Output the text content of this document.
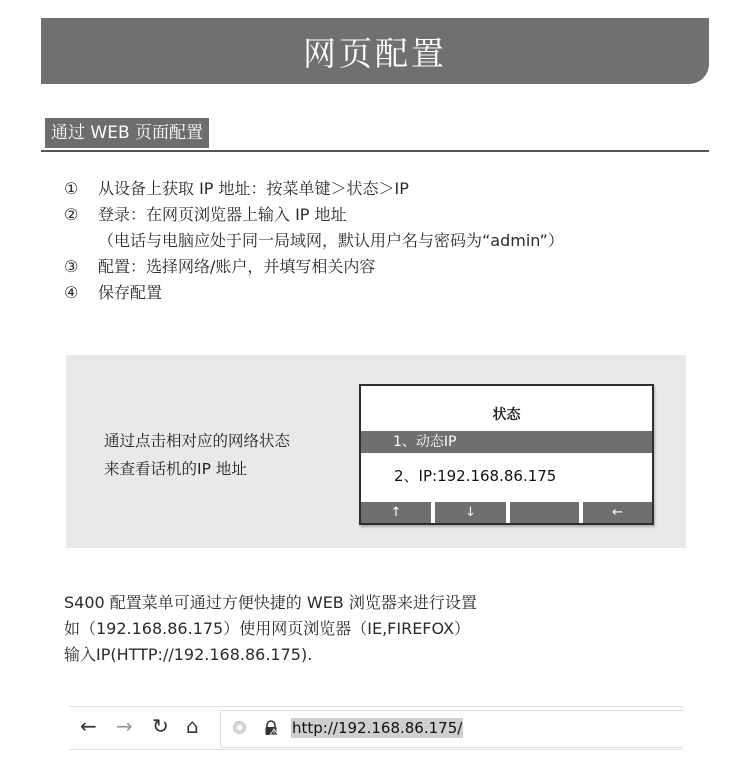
网页配置
通过 WEB 页面配置
①	从设备上获取 IP 地址：按菜单键＞状态＞IP
②	登录：在网页浏览器上输入 IP 地址
（电话与电脑应处于同一局域网，默认用户名与密码为“admin”）
③	配置：选择网络/账户，并填写相关内容
④	保存配置
通过点击相对应的网络状态
来查看话机的IP 地址
状态
1、动态IP
2、IP:192.168.86.175
↑	↓	←
S400 配置菜单可通过方便快捷的 WEB 浏览器来进行设置
如（192.168.86.175）使用网页浏览器（IE,FIREFOX）
输入IP(HTTP://192.168.86.175).
← → ↻ ⌂	http://192.168.86.175/
